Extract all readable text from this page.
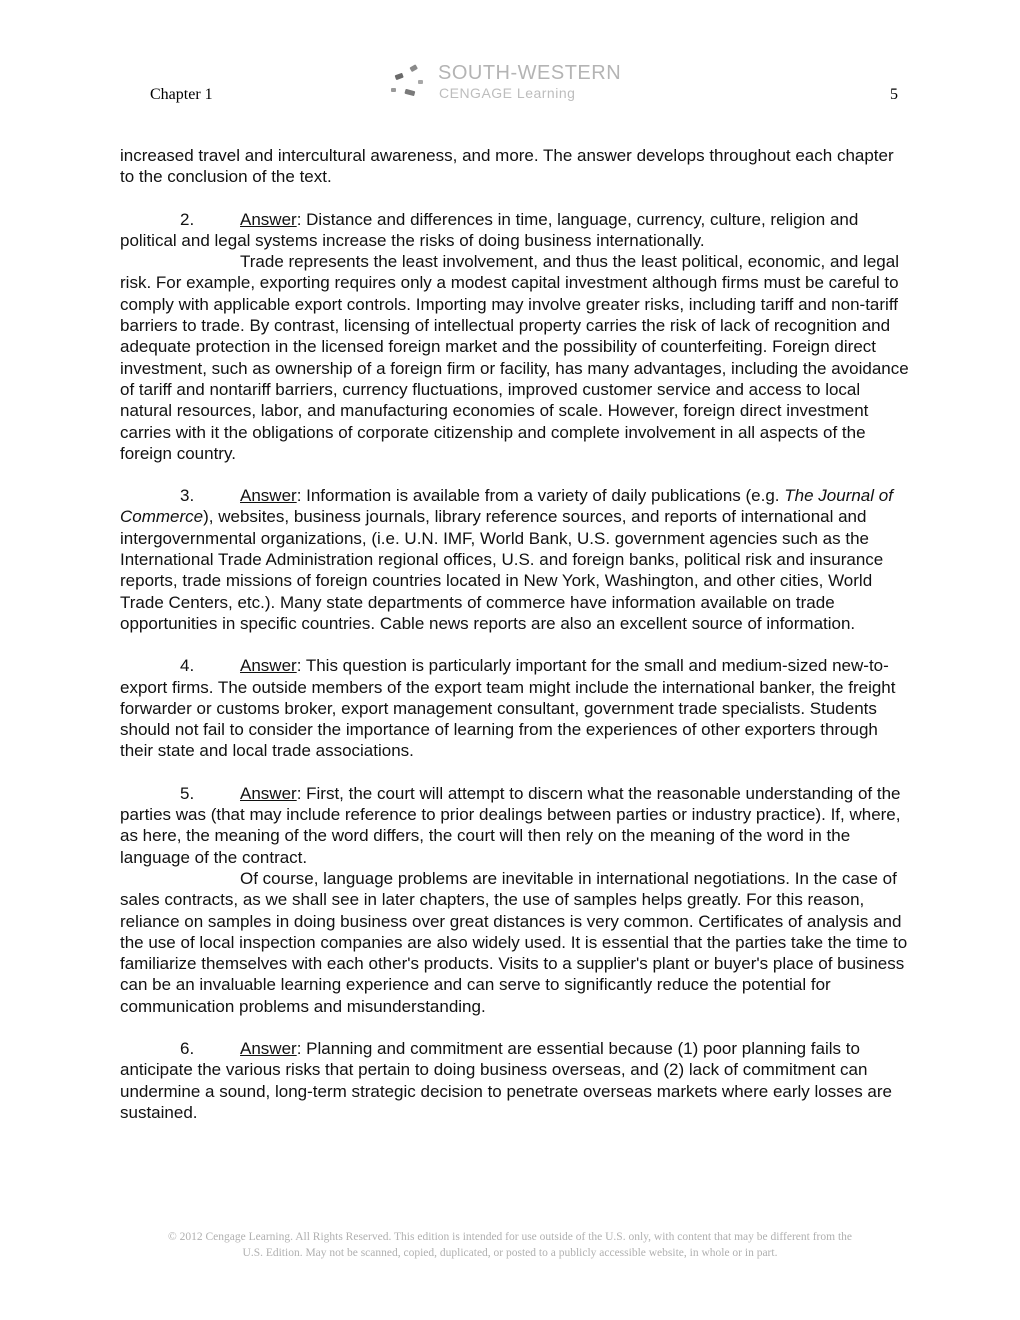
Chapter 1
SOUTH-WESTERN
CENGAGE Learning	5

increased travel and intercultural awareness, and more. The answer develops throughout each chapter to the conclusion of the text.

2.	Answer: Distance and differences in time, language, currency, culture, religion and political and legal systems increase the risks of doing business internationally.

Trade represents the least involvement, and thus the least political, economic, and legal risk. For example, exporting requires only a modest capital investment although firms must be careful to comply with applicable export controls. Importing may involve greater risks, including tariff and non-tariff barriers to trade. By contrast, licensing of intellectual property carries the risk of lack of recognition and adequate protection in the licensed foreign market and the possibility of counterfeiting. Foreign direct investment, such as ownership of a foreign firm or facility, has many advantages, including the avoidance of tariff and nontariff barriers, currency fluctuations, improved customer service and access to local natural resources, labor, and manufacturing economies of scale. However, foreign direct investment carries with it the obligations of corporate citizenship and complete involvement in all aspects of the foreign country.

3.	Answer: Information is available from a variety of daily publications (e.g. The Journal of Commerce), websites, business journals, library reference sources, and reports of international and intergovernmental organizations, (i.e. U.N. IMF, World Bank, U.S. government agencies such as the International Trade Administration regional offices, U.S. and foreign banks, political risk and insurance reports, trade missions of foreign countries located in New York, Washington, and other cities, World Trade Centers, etc.). Many state departments of commerce have information available on trade opportunities in specific countries. Cable news reports are also an excellent source of information.

4.	Answer: This question is particularly important for the small and medium-sized new-to-export firms. The outside members of the export team might include the international banker, the freight forwarder or customs broker, export management consultant, government trade specialists. Students should not fail to consider the importance of learning from the experiences of other exporters through their state and local trade associations.

5.	Answer: First, the court will attempt to discern what the reasonable understanding of the parties was (that may include reference to prior dealings between parties or industry practice). If, where, as here, the meaning of the word differs, the court will then rely on the meaning of the word in the language of the contract.

Of course, language problems are inevitable in international negotiations. In the case of sales contracts, as we shall see in later chapters, the use of samples helps greatly. For this reason, reliance on samples in doing business over great distances is very common. Certificates of analysis and the use of local inspection companies are also widely used. It is essential that the parties take the time to familiarize themselves with each other's products. Visits to a supplier's plant or buyer's place of business can be an invaluable learning experience and can serve to significantly reduce the potential for communication problems and misunderstanding.

6.	Answer: Planning and commitment are essential because (1) poor planning fails to anticipate the various risks that pertain to doing business overseas, and (2) lack of commitment can undermine a sound, long-term strategic decision to penetrate overseas markets where early losses are sustained.

© 2012 Cengage Learning. All Rights Reserved. This edition is intended for use outside of the U.S. only, with content that may be different from the
U.S. Edition. May not be scanned, copied, duplicated, or posted to a publicly accessible website, in whole or in part.
